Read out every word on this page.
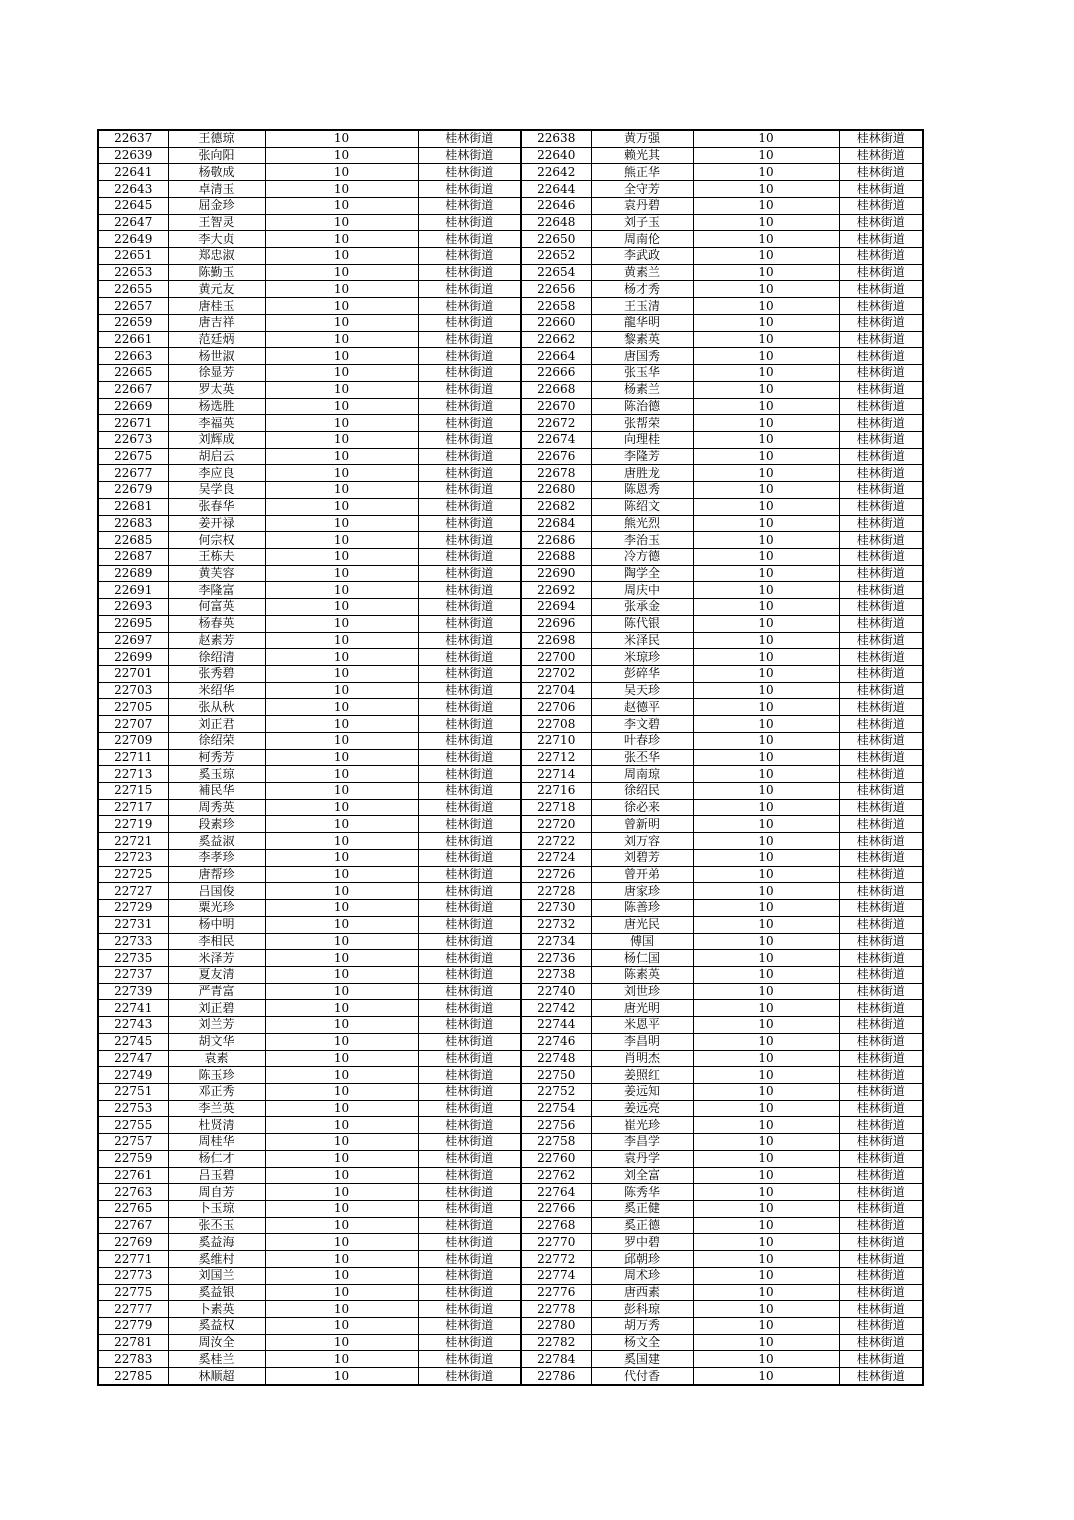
22637	王德琼	10	桂林街道	22638	黄万强	10	桂林街道
22639	张向阳	10	桂林街道	22640	赖光其	10	桂林街道
22641	杨敬成	10	桂林街道	22642	熊正华	10	桂林街道
22643	卓清玉	10	桂林街道	22644	全守芳	10	桂林街道
22645	屈金珍	10	桂林街道	22646	袁丹碧	10	桂林街道
22647	王智灵	10	桂林街道	22648	刘子玉	10	桂林街道
22649	李大贞	10	桂林街道	22650	周南伦	10	桂林街道
22651	郑忠淑	10	桂林街道	22652	李武政	10	桂林街道
22653	陈勤玉	10	桂林街道	22654	黄素兰	10	桂林街道
22655	黄元友	10	桂林街道	22656	杨才秀	10	桂林街道
22657	唐桂玉	10	桂林街道	22658	王玉清	10	桂林街道
22659	唐吉祥	10	桂林街道	22660	龍华明	10	桂林街道
22661	范廷炳	10	桂林街道	22662	黎素英	10	桂林街道
22663	杨世淑	10	桂林街道	22664	唐国秀	10	桂林街道
22665	徐显芳	10	桂林街道	22666	张玉华	10	桂林街道
22667	罗太英	10	桂林街道	22668	杨素兰	10	桂林街道
22669	杨选胜	10	桂林街道	22670	陈治德	10	桂林街道
22671	李福英	10	桂林街道	22672	张帮荣	10	桂林街道
22673	刘辉成	10	桂林街道	22674	向理桂	10	桂林街道
22675	胡启云	10	桂林街道	22676	李隆芳	10	桂林街道
22677	李应良	10	桂林街道	22678	唐胜龙	10	桂林街道
22679	吴学良	10	桂林街道	22680	陈恩秀	10	桂林街道
22681	张春华	10	桂林街道	22682	陈绍文	10	桂林街道
22683	姜开禄	10	桂林街道	22684	熊光烈	10	桂林街道
22685	何宗权	10	桂林街道	22686	李治玉	10	桂林街道
22687	王栋夫	10	桂林街道	22688	冷方德	10	桂林街道
22689	黄芙容	10	桂林街道	22690	陶学全	10	桂林街道
22691	李隆富	10	桂林街道	22692	周庆中	10	桂林街道
22693	何富英	10	桂林街道	22694	张承金	10	桂林街道
22695	杨春英	10	桂林街道	22696	陈代银	10	桂林街道
22697	赵素芳	10	桂林街道	22698	米泽民	10	桂林街道
22699	徐绍清	10	桂林街道	22700	米琼珍	10	桂林街道
22701	张秀碧	10	桂林街道	22702	彭碎华	10	桂林街道
22703	米绍华	10	桂林街道	22704	吴天珍	10	桂林街道
22705	张从秋	10	桂林街道	22706	赵德平	10	桂林街道
22707	刘正君	10	桂林街道	22708	李文碧	10	桂林街道
22709	徐绍荣	10	桂林街道	22710	叶春珍	10	桂林街道
22711	柯秀芳	10	桂林街道	22712	张丕华	10	桂林街道
22713	奚玉琼	10	桂林街道	22714	周南琼	10	桂林街道
22715	補民华	10	桂林街道	22716	徐绍民	10	桂林街道
22717	周秀英	10	桂林街道	22718	徐必来	10	桂林街道
22719	段素珍	10	桂林街道	22720	曾新明	10	桂林街道
22721	奚益淑	10	桂林街道	22722	刘万容	10	桂林街道
22723	李孝珍	10	桂林街道	22724	刘碧芳	10	桂林街道
22725	唐帮珍	10	桂林街道	22726	曾开弟	10	桂林街道
22727	吕国俊	10	桂林街道	22728	唐家珍	10	桂林街道
22729	粟光珍	10	桂林街道	22730	陈善珍	10	桂林街道
22731	杨中明	10	桂林街道	22732	唐光民	10	桂林街道
22733	李相民	10	桂林街道	22734	傅国	10	桂林街道
22735	米泽芳	10	桂林街道	22736	杨仁国	10	桂林街道
22737	夏友清	10	桂林街道	22738	陈素英	10	桂林街道
22739	严青富	10	桂林街道	22740	刘世珍	10	桂林街道
22741	刘正碧	10	桂林街道	22742	唐光明	10	桂林街道
22743	刘兰芳	10	桂林街道	22744	米恩平	10	桂林街道
22745	胡文华	10	桂林街道	22746	李昌明	10	桂林街道
22747	袁素	10	桂林街道	22748	肖明杰	10	桂林街道
22749	陈玉珍	10	桂林街道	22750	姜照红	10	桂林街道
22751	邓正秀	10	桂林街道	22752	姜远知	10	桂林街道
22753	李兰英	10	桂林街道	22754	姜远亮	10	桂林街道
22755	杜贤清	10	桂林街道	22756	崔光珍	10	桂林街道
22757	周桂华	10	桂林街道	22758	李昌学	10	桂林街道
22759	杨仁才	10	桂林街道	22760	袁丹学	10	桂林街道
22761	吕玉碧	10	桂林街道	22762	刘全富	10	桂林街道
22763	周自芳	10	桂林街道	22764	陈秀华	10	桂林街道
22765	卜玉琼	10	桂林街道	22766	奚正健	10	桂林街道
22767	张丕玉	10	桂林街道	22768	奚正德	10	桂林街道
22769	奚益海	10	桂林街道	22770	罗中碧	10	桂林街道
22771	奚维村	10	桂林街道	22772	邱朝珍	10	桂林街道
22773	刘国兰	10	桂林街道	22774	周术珍	10	桂林街道
22775	奚益银	10	桂林街道	22776	唐西素	10	桂林街道
22777	卜素英	10	桂林街道	22778	彭科琼	10	桂林街道
22779	奚益权	10	桂林街道	22780	胡万秀	10	桂林街道
22781	周汝全	10	桂林街道	22782	杨文全	10	桂林街道
22783	奚桂兰	10	桂林街道	22784	奚国建	10	桂林街道
22785	林顺超	10	桂林街道	22786	代付香	10	桂林街道
